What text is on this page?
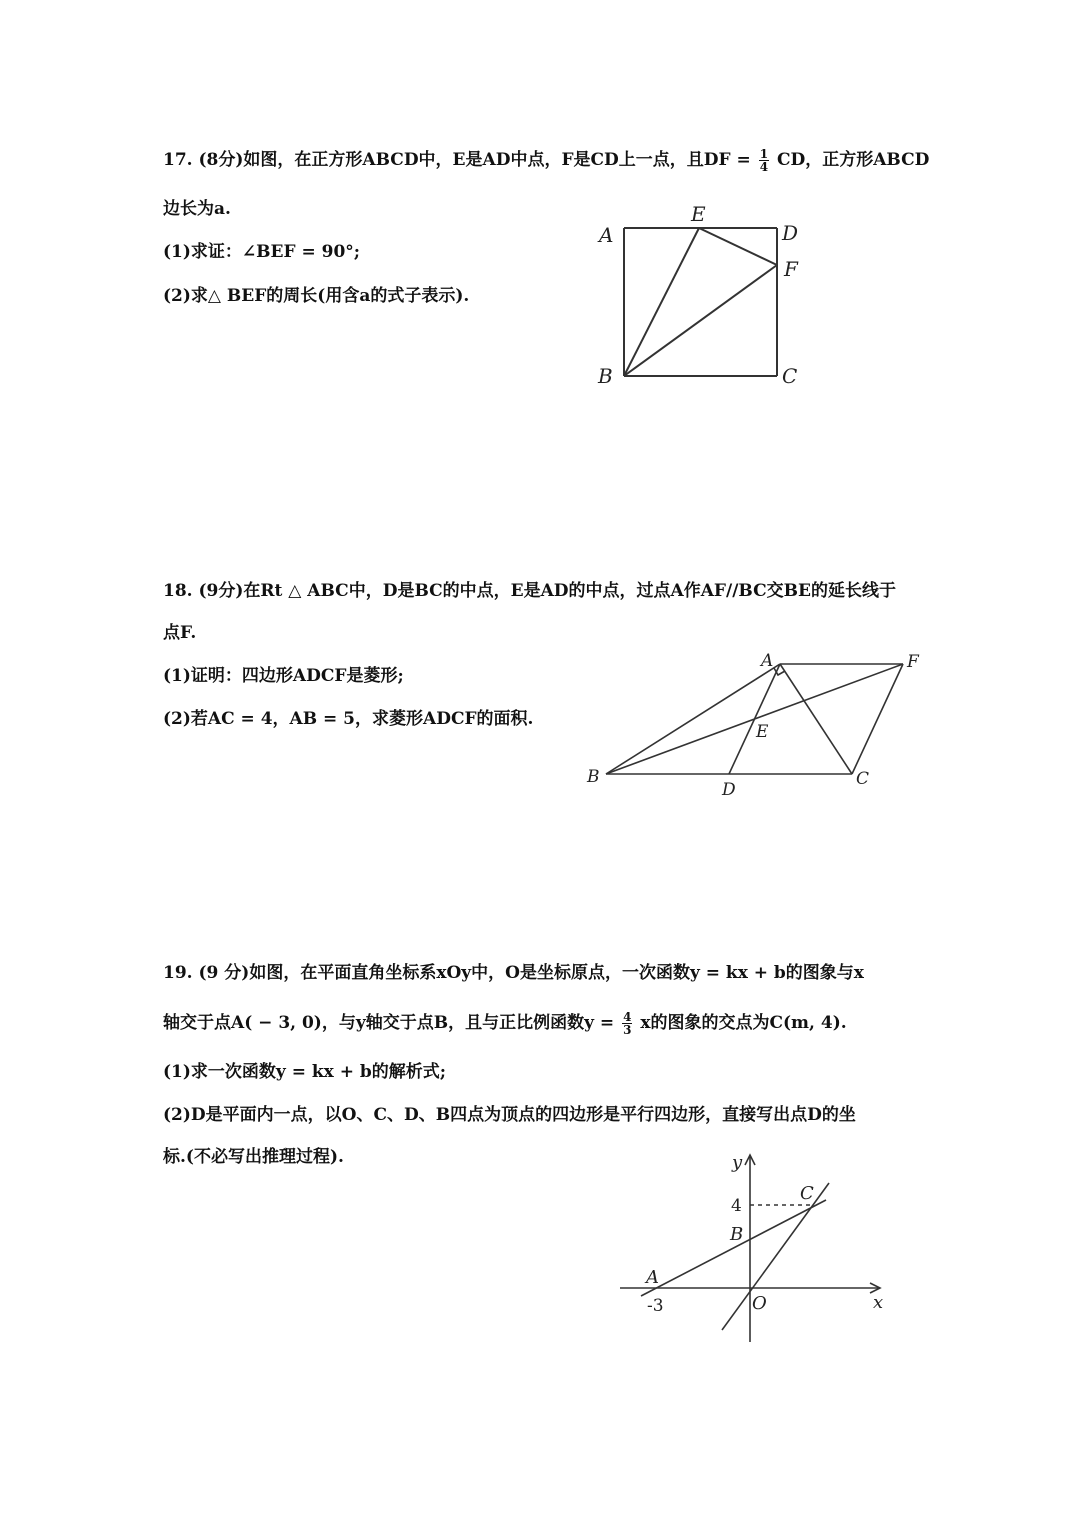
17. (8分)如图，在正方形ABCD中，E是AD中点，F是CD上一点，且DF = $\frac{1}{4}$ CD，正方形ABCD
边长为a.
(1)求证：∠BEF = 90°;
(2)求△ BEF的周长(用含a的式子表示).
A
E
D
F
B	C
18. (9分)在Rt △ ABC中，D是BC的中点，E是AD的中点，过点A作AF//BC交BE的延长线于
点F.
(1)证明：四边形ADCF是菱形;
(2)若AC = 4，AB = 5，求菱形ADCF的面积.
A	F
E
B
D
C
19. (9 分)如图，在平面直角坐标系xOy中，O是坐标原点，一次函数y = kx + b的图象与x
轴交于点A( − 3, 0)，与y轴交于点B，且与正比例函数$y = \frac{4}{3}$ x的图象的交点为C(m, 4).
(1)求一次函数y = kx + b的解析式;
(2)D是平面内一点，以O、C、D、B四点为顶点的四边形是平行四边形，直接写出点D的坐
标.(不必写出推理过程).	y
x
O
A
B
C
4
-3
